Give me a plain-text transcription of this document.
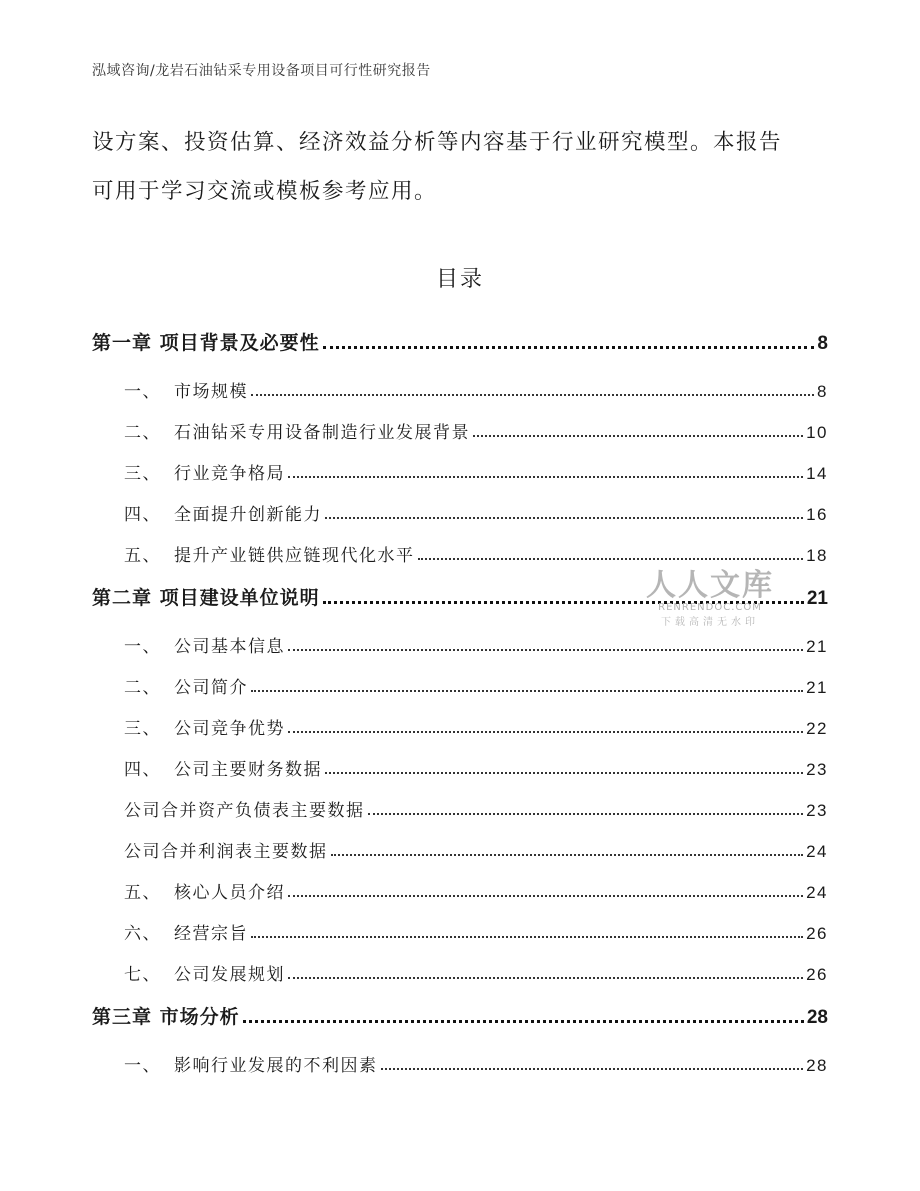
泓域咨询/龙岩石油钻采专用设备项目可行性研究报告

设方案、投资估算、经济效益分析等内容基于行业研究模型。本报告

可用于学习交流或模板参考应用。

目录
第一章 项目背景及必要性	8
一、 市场规模	8
二、 石油钻采专用设备制造行业发展背景	10
三、 行业竞争格局	14
四、 全面提升创新能力	16
五、 提升产业链供应链现代化水平	18
第二章 项目建设单位说明	21
一、 公司基本信息	21
二、 公司简介	21
三、 公司竞争优势	22
四、 公司主要财务数据	23
公司合并资产负债表主要数据	23
公司合并利润表主要数据	24
五、 核心人员介绍	24
六、 经营宗旨	26
七、 公司发展规划	26
第三章 市场分析	28
一、 影响行业发展的不利因素	28
人人文库
RENRENDOC.COM
下载高清无水印
